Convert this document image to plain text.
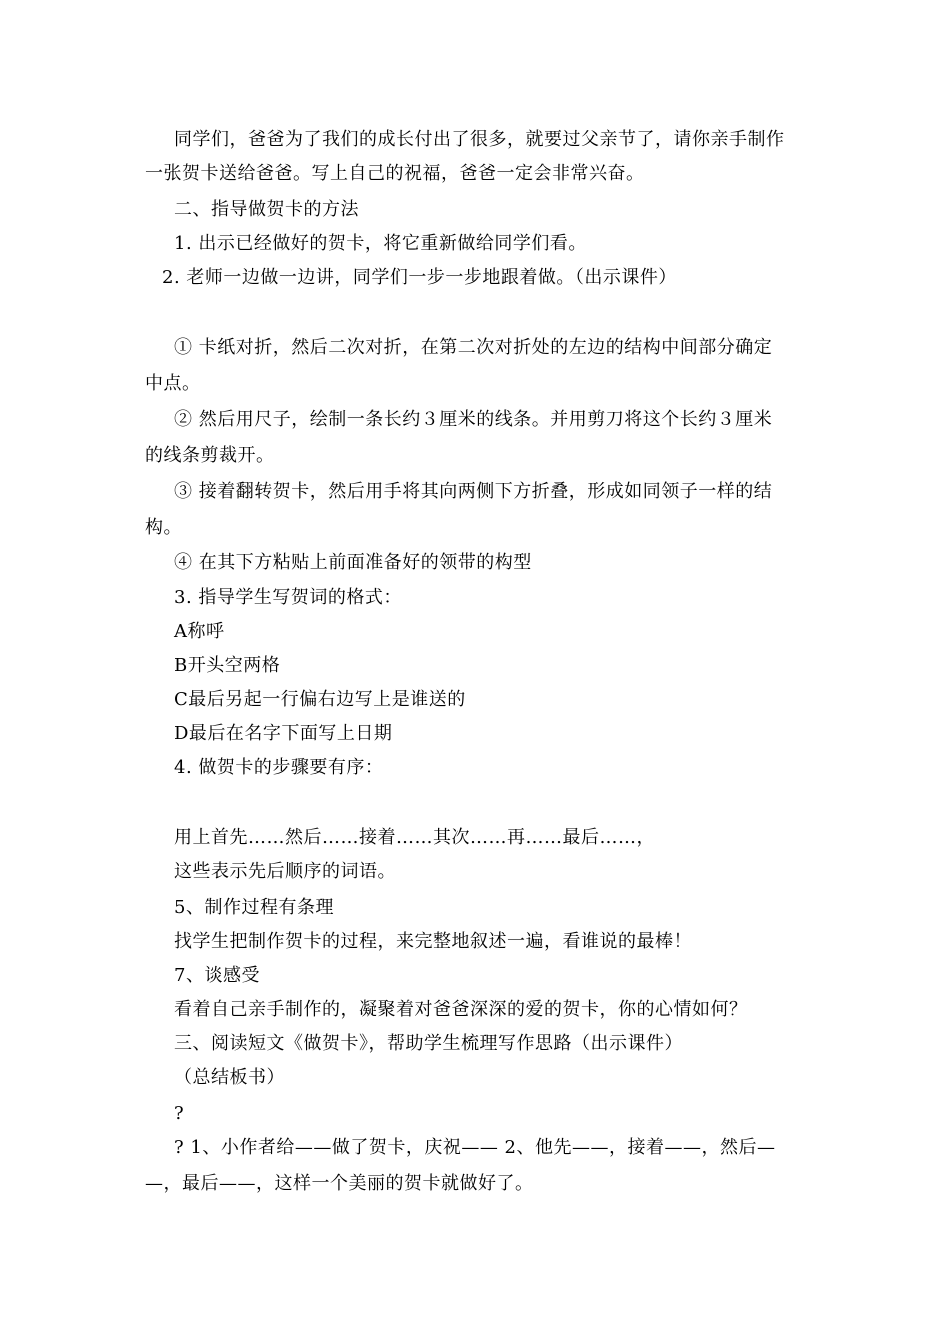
同学们，爸爸为了我们的成长付出了很多，就要过父亲节了，请你亲手制作
一张贺卡送给爸爸。写上自己的祝福，爸爸一定会非常兴奋。
二、指导做贺卡的方法
1. 出示已经做好的贺卡，将它重新做给同学们看。
2. 老师一边做一边讲，同学们一步一步地跟着做。（出示课件）
① 卡纸对折，然后二次对折，在第二次对折处的左边的结构中间部分确定
中点。
② 然后用尺子，绘制一条长约３厘米的线条。并用剪刀将这个长约３厘米
的线条剪裁开。
③ 接着翻转贺卡，然后用手将其向两侧下方折叠，形成如同领子一样的结
构。
④ 在其下方粘贴上前面准备好的领带的构型
3. 指导学生写贺词的格式：
A称呼
B开头空两格
C最后另起一行偏右边写上是谁送的
D最后在名字下面写上日期
4. 做贺卡的步骤要有序：
用上首先……然后……接着……其次……再……最后……，
这些表示先后顺序的词语。
5、制作过程有条理
找学生把制作贺卡的过程，来完整地叙述一遍，看谁说的最棒！
7、谈感受
看着自己亲手制作的，凝聚着对爸爸深深的爱的贺卡，你的心情如何？
三、阅读短文《做贺卡》，帮助学生梳理写作思路（出示课件）
（总结板书）
?
? 1、小作者给——做了贺卡，庆祝—— 2、他先——，接着——，然后—
—，最后——，这样一个美丽的贺卡就做好了。
